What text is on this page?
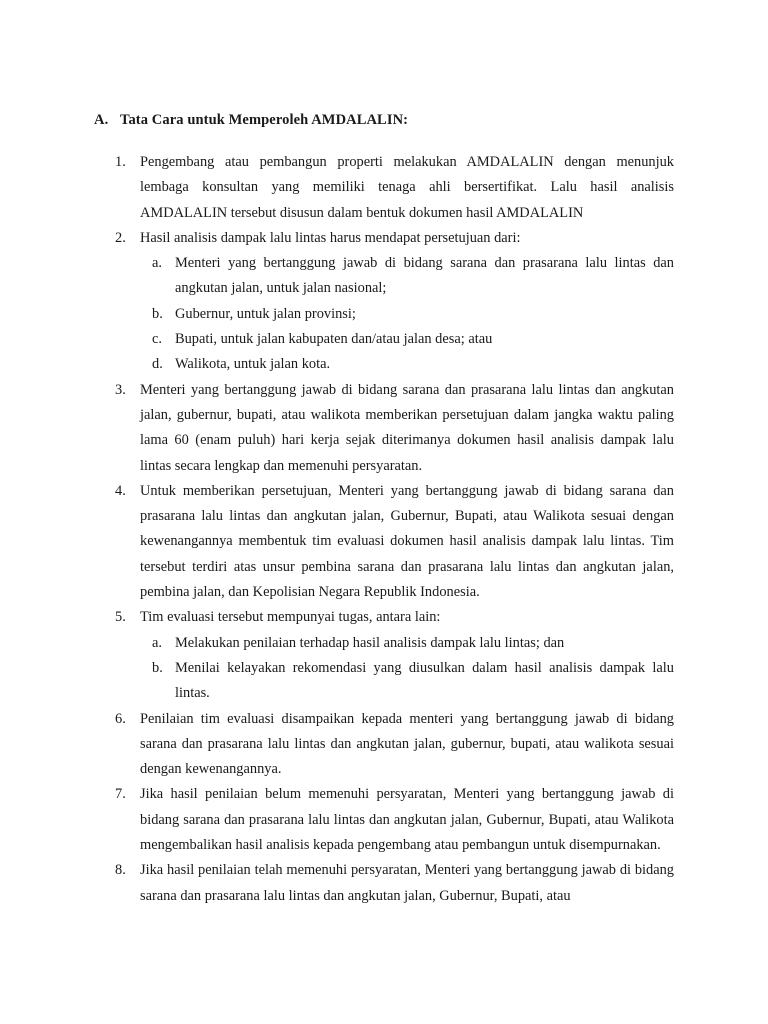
A. Tata Cara untuk Memperoleh AMDALALIN:
1. Pengembang atau pembangun properti melakukan AMDALALIN dengan menunjuk lembaga konsultan yang memiliki tenaga ahli bersertifikat. Lalu hasil analisis AMDALALIN tersebut disusun dalam bentuk dokumen hasil AMDALALIN
2. Hasil analisis dampak lalu lintas harus mendapat persetujuan dari:
a. Menteri yang bertanggung jawab di bidang sarana dan prasarana lalu lintas dan angkutan jalan, untuk jalan nasional;
b. Gubernur, untuk jalan provinsi;
c. Bupati, untuk jalan kabupaten dan/atau jalan desa; atau
d. Walikota, untuk jalan kota.
3. Menteri yang bertanggung jawab di bidang sarana dan prasarana lalu lintas dan angkutan jalan, gubernur, bupati, atau walikota memberikan persetujuan dalam jangka waktu paling lama 60 (enam puluh) hari kerja sejak diterimanya dokumen hasil analisis dampak lalu lintas secara lengkap dan memenuhi persyaratan.
4. Untuk memberikan persetujuan, Menteri yang bertanggung jawab di bidang sarana dan prasarana lalu lintas dan angkutan jalan, Gubernur, Bupati, atau Walikota sesuai dengan kewenangannya membentuk tim evaluasi dokumen hasil analisis dampak lalu lintas. Tim tersebut terdiri atas unsur pembina sarana dan prasarana lalu lintas dan angkutan jalan, pembina jalan, dan Kepolisian Negara Republik Indonesia.
5. Tim evaluasi tersebut mempunyai tugas, antara lain:
a. Melakukan penilaian terhadap hasil analisis dampak lalu lintas; dan
b. Menilai kelayakan rekomendasi yang diusulkan dalam hasil analisis dampak lalu lintas.
6. Penilaian tim evaluasi disampaikan kepada menteri yang bertanggung jawab di bidang sarana dan prasarana lalu lintas dan angkutan jalan, gubernur, bupati, atau walikota sesuai dengan kewenangannya.
7. Jika hasil penilaian belum memenuhi persyaratan, Menteri yang bertanggung jawab di bidang sarana dan prasarana lalu lintas dan angkutan jalan, Gubernur, Bupati, atau Walikota mengembalikan hasil analisis kepada pengembang atau pembangun untuk disempurnakan.
8. Jika hasil penilaian telah memenuhi persyaratan, Menteri yang bertanggung jawab di bidang sarana dan prasarana lalu lintas dan angkutan jalan, Gubernur, Bupati, atau
